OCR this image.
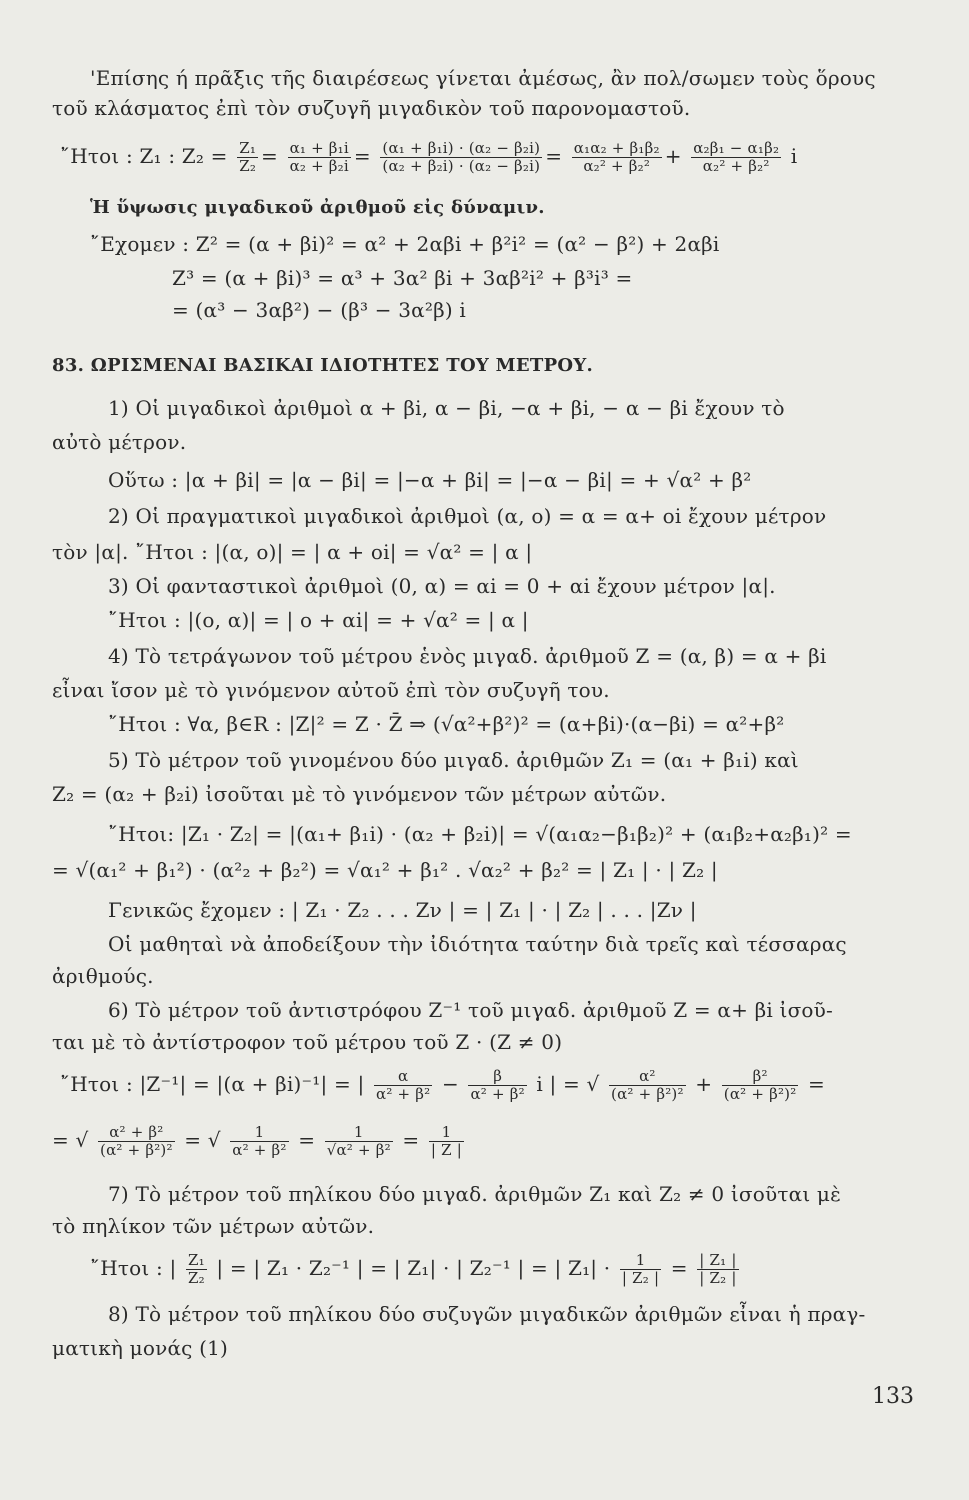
'Επίσης ή πρᾶξις τῆς διαιρέσεως γίνεται ἀμέσως, ἂν πολ/σωμεν τοὺς ὅρους
τοῦ κλάσματος ἐπὶ τὸν συζυγῆ μιγαδικὸν τοῦ παρονομαστοῦ.
῎Ητοι : Z₁ : $Z_2 = \frac{\text{Z₁}}{\text{Z₂}} = \frac{\text{α₁ + β₁i}}{\text{α₂ + β₂i}} = \frac{\text{(α₁ + β₁i) · (α₂ − β₂i)}}{\text{(α₂ + β₂i) · (α₂ − β₂i)}} = \frac{\text{α₁α₂ + β₁β₂}}{\text{α₂² + β₂²}} + \frac{\text{α₂β₁ − α₁β₂}}{\text{α₂² + β₂²}}$ i
Ἡ ὕψωσις μιγαδικοῦ ἀριθμοῦ εἰς δύναμιν.
῎Εχομεν : Z² = (α + βi)² = α² + 2αβi + β²i² = (α² − β²) + 2αβi
Z³ = (α + βi)³ = α³ + 3α² βi + 3αβ²i² + β³i³ =
= (α³ − 3αβ²) − (β³ − 3α²β) i
83. ΩΡΙΣΜΕΝΑΙ ΒΑΣΙΚΑΙ ΙΔΙΟΤΗΤΕΣ ΤΟΥ ΜΕΤΡΟΥ.
1) Οἱ μιγαδικοὶ ἀριθμοὶ α + βi, α − βi, −α + βi, − α − βi ἔχουν τὸ
αὐτὸ μέτρον.
Οὕτω : |α + βi| = |α − βi| = |−α + βi| = |−α − βi| = + √α² + β²
2) Οἱ πραγματικοὶ μιγαδικοὶ ἀριθμοὶ (α, ο) = α = α+ οi ἔχουν μέτρον
τὸν |α|. ῎Ητοι : |(α, ο)| = | α + οi| = √α² = | α |
3) Οἱ φανταστικοὶ ἀριθμοὶ (0, α) = αi = 0 + αi ἔχουν μέτρον |α|.
῎Ητοι : |(ο, α)| = | ο + αi| = + √α² = | α |
4) Τὸ τετράγωνον τοῦ μέτρου ἑνὸς μιγαδ. ἀριθμοῦ Z = (α, β) = α + βi
εἶναι ἴσον μὲ τὸ γινόμενον αὐτοῦ ἐπὶ τὸν συζυγῆ του.
῎Ητοι : ∀α, β∈R : |Z|² = Z · Z̄ ⇒ (√α²+β²)² = (α+βi)·(α−βi) = α²+β²
5) Τὸ μέτρον τοῦ γινομένου δύο μιγαδ. ἀριθμῶν Z₁ = (α₁ + β₁i) καὶ
Z₂ = (α₂ + β₂i) ἰσοῦται μὲ τὸ γινόμενον τῶν μέτρων αὐτῶν.
῎Ητοι: |Z₁ · Z₂| = |(α₁+ β₁i) · (α₂ + β₂i)| = √(α₁α₂−β₁β₂)² + (α₁β₂+α₂β₁)² =
= √(α₁² + β₁²) · (α²₂ + β₂²) = √α₁² + β₁² . √α₂² + β₂² = | Z₁ | · | Z₂ |
Γενικῶς ἔχομεν : | Z₁ · Z₂ . . . Zν | = | Z₁ | · | Z₂ | . . . |Zν |
Οἱ μαθηταὶ νὰ ἀποδείξουν τὴν ἰδιότητα ταύτην διὰ τρεῖς καὶ τέσσαρας
ἀριθμούς.
6) Τὸ μέτρον τοῦ ἀντιστρόφου Z⁻¹ τοῦ μιγαδ. ἀριθμοῦ Z = α+ βi ἰσοῦ-
ται μὲ τὸ ἀντίστροφον τοῦ μέτρου τοῦ Z · (Z ≠ 0)
῎Ητοι : |Z⁻¹| = |(α + βi)⁻¹| = | $\frac{\alpha}{\text{α² + β²}} - \frac{\beta}{\text{α² + β²}}$ i | = √ $\frac{\text{α²}}{\text{(α² + β²)²}} + \frac{\text{β²}}{\text{(α² + β²)²}}$ =
= √ $\frac{\text{α² + β²}}{\text{(α² + β²)²}}$ = √ $\frac{1}{\text{α² + β²}} = \frac{1}{\text{√α² + β²}} = \frac{1}{| Z |}$
7) Τὸ μέτρον τοῦ πηλίκου δύο μιγαδ. ἀριθμῶν Z₁ καὶ Z₂ ≠ 0 ἰσοῦται μὲ
τὸ πηλίκον τῶν μέτρων αὐτῶν.
῎Ητοι : | $\frac{\text{Z₁}}{\text{Z₂}}$ | = | Z₁ · Z₂⁻¹ | = | Z₁| · | Z₂⁻¹ | = | $Z_1| \cdot \frac{1}{\text{| Z₂ |}} = \frac{\text{| Z₁ |}}{\text{| Z₂ |}}$
8) Τὸ μέτρον τοῦ πηλίκου δύο συζυγῶν μιγαδικῶν ἀριθμῶν εἶναι ἡ πραγ-
ματικὴ μονάς (1)
133
